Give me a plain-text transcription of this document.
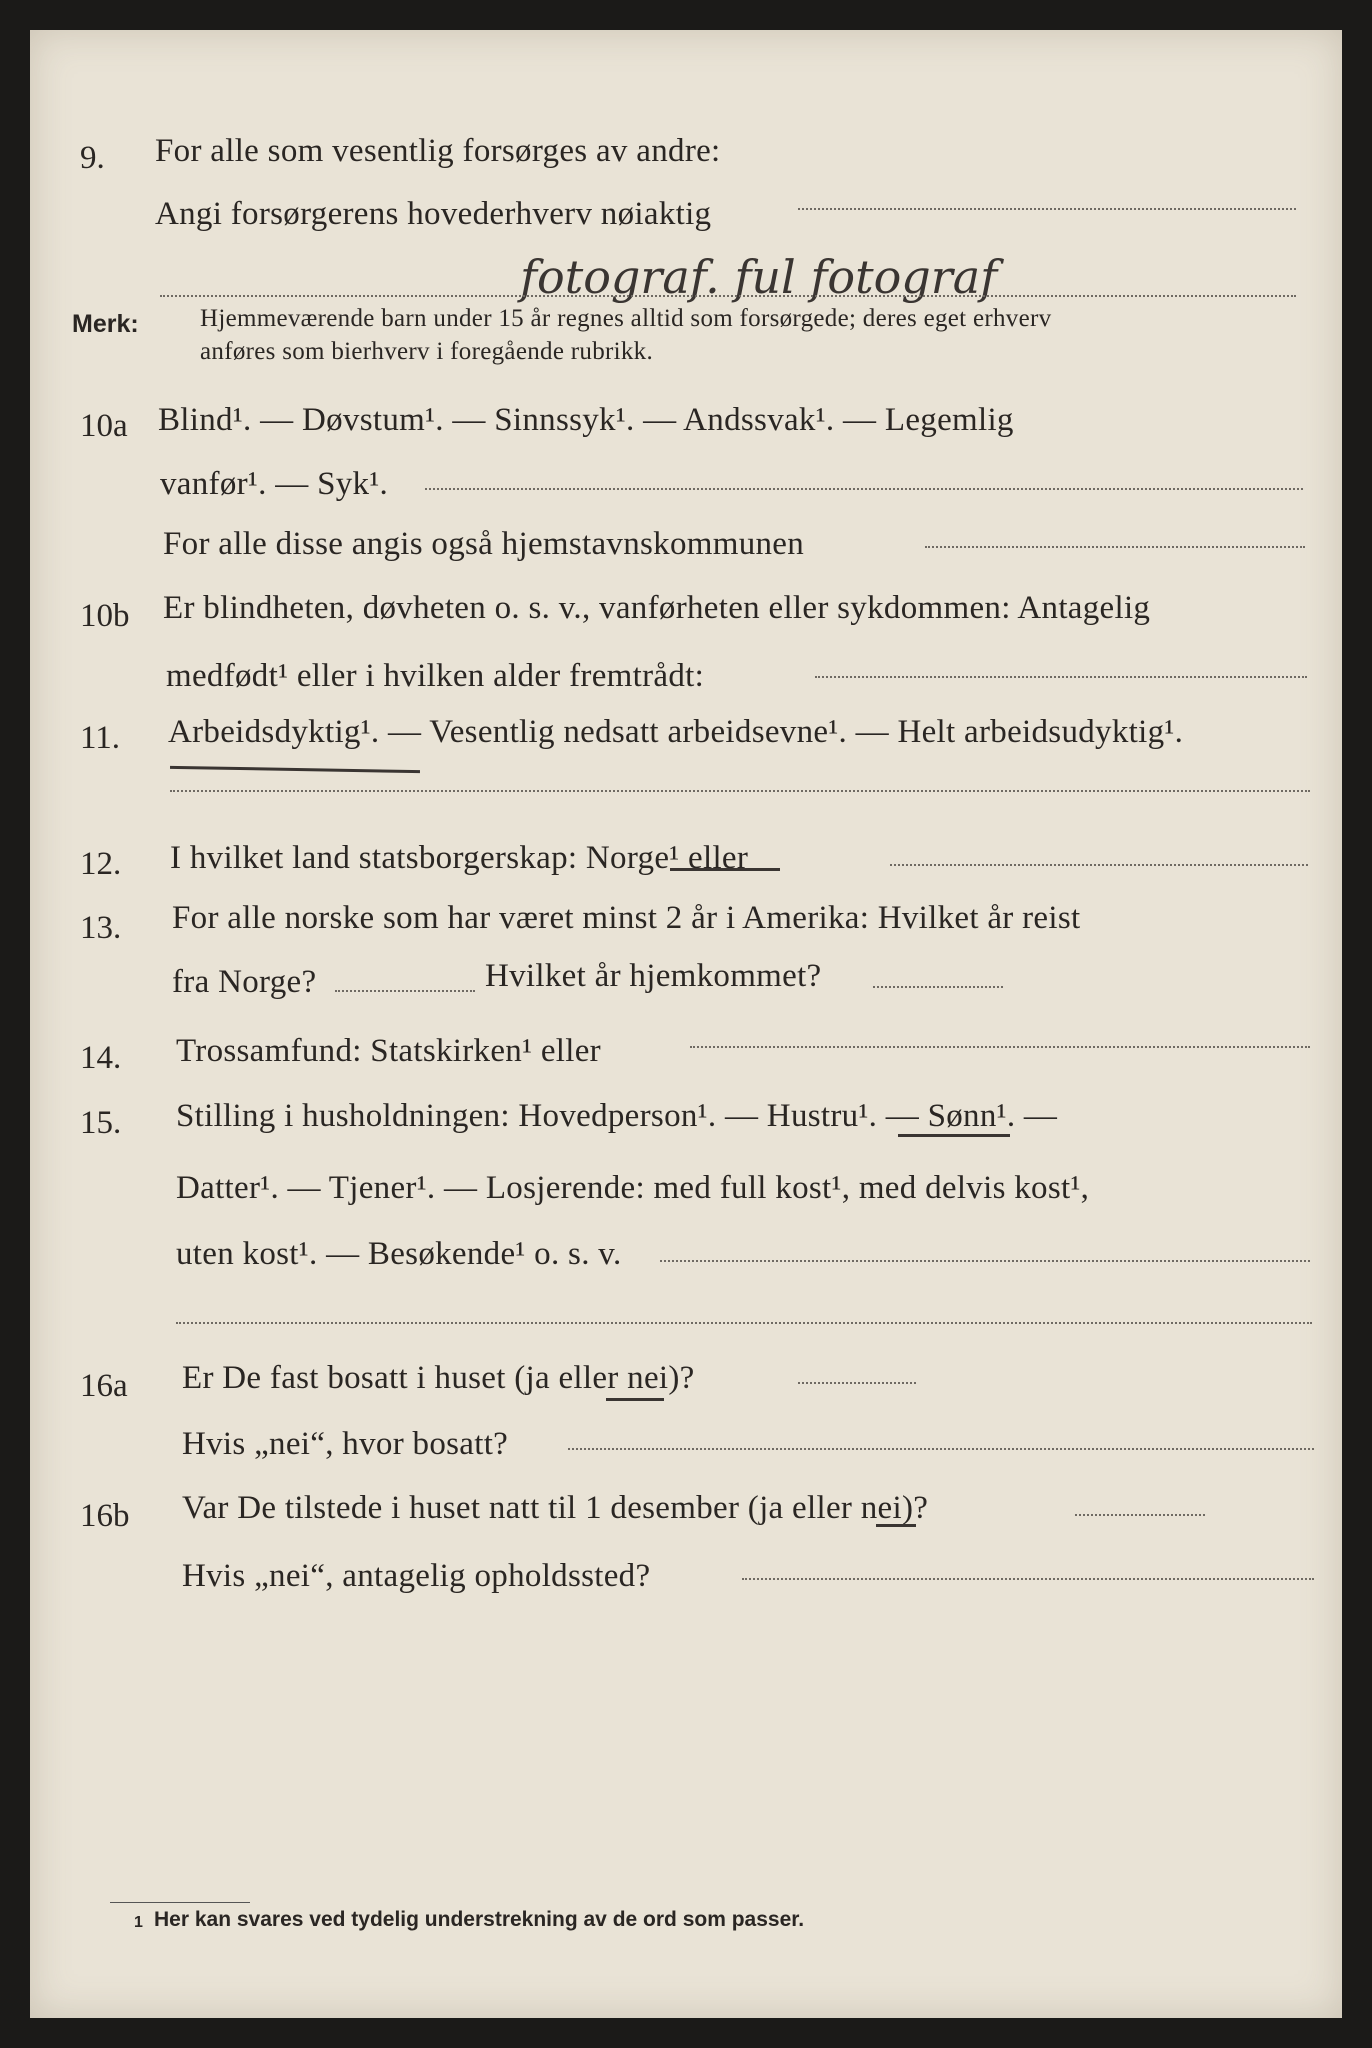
9. For alle som vesentlig forsørges av andre:
Angi forsørgerens hovederhverv nøiaktig
fotograf. ful fotograf
Merk: Hjemmeværende barn under 15 år regnes alltid som forsørgede; deres eget erhverv
anføres som bierhverv i foregående rubrikk.
10a Blind¹. — Døvstum¹. — Sinnssyk¹. — Andssvak¹. — Legemlig
vanfør¹. — Syk¹.
For alle disse angis også hjemstavnskommunen
10b Er blindheten, døvheten o. s. v., vanførheten eller sykdommen: Antagelig
medfødt¹ eller i hvilken alder fremtrådt:
11. Arbeidsdyktig¹. — Vesentlig nedsatt arbeidsevne¹. — Helt arbeidsudyktig¹.
12. I hvilket land statsborgerskap: Norge¹ eller
13. For alle norske som har været minst 2 år i Amerika: Hvilket år reist
fra Norge?	Hvilket år hjemkommet?
14. Trossamfund: Statskirken¹ eller
15. Stilling i husholdningen: Hovedperson¹. — Hustru¹. — Sønn¹. —
Datter¹. — Tjener¹. — Losjerende: med full kost¹, med delvis kost¹,
uten kost¹. — Besøkende¹ o. s. v.
16a Er De fast bosatt i huset (ja eller nei)?
Hvis „nei“, hvor bosatt?
16b Var De tilstede i huset natt til 1 desember (ja eller nei)?
Hvis „nei“, antagelig opholdssted?
1 Her kan svares ved tydelig understrekning av de ord som passer.
